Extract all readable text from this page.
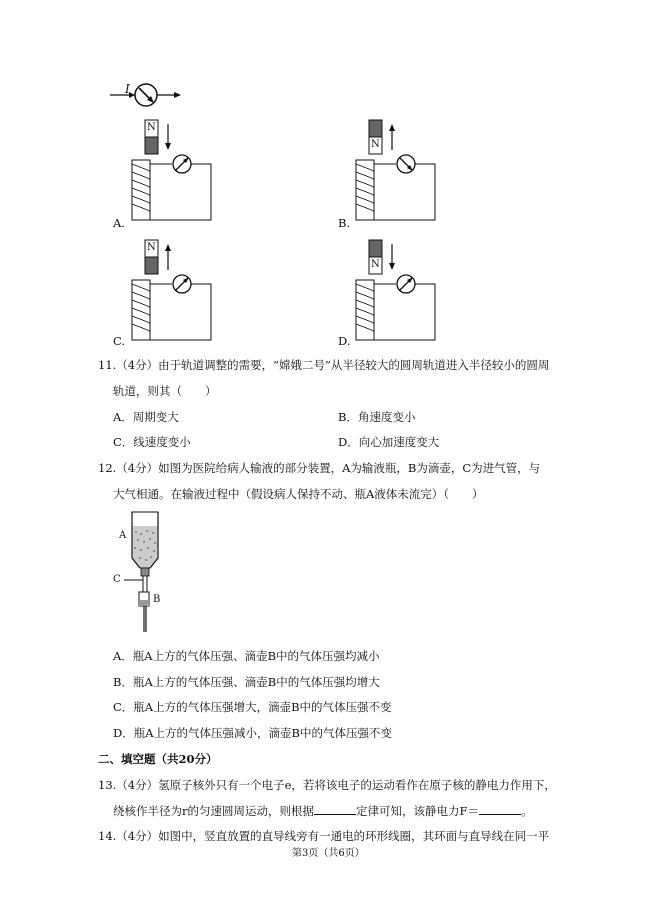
I
A.
N
B.
N
C.
N
D.
N
11.（4分）由于轨道调整的需要，“嫦娥二号”从半径较大的圆周轨道进入半径较小的圆周
轨道，则其（　　）
A．周期变大	B．角速度变小
C．线速度变小	D．向心加速度变大
12.（4分）如图为医院给病人输液的部分装置，A为输液瓶，B为滴壶，C为进气管，与
大气相通。在输液过程中（假设病人保持不动、瓶A液体未流完）（　　）
A
C
B
A．瓶A上方的气体压强、滴壶B中的气体压强均减小
B．瓶A上方的气体压强、滴壶B中的气体压强均增大
C．瓶A上方的气体压强增大，滴壶B中的气体压强不变
D．瓶A上方的气体压强减小，滴壶B中的气体压强不变
二、填空题（共20分）
13.（4分）氢原子核外只有一个电子e，若将该电子的运动看作在原子核的静电力作用下，
绕核作半径为r的匀速圆周运动，则根据	定律可知，该静电力F＝	。
14.（4分）如图中，竖直放置的直导线旁有一通电的环形线圈，其环面与直导线在同一平
第3页（共6页）
